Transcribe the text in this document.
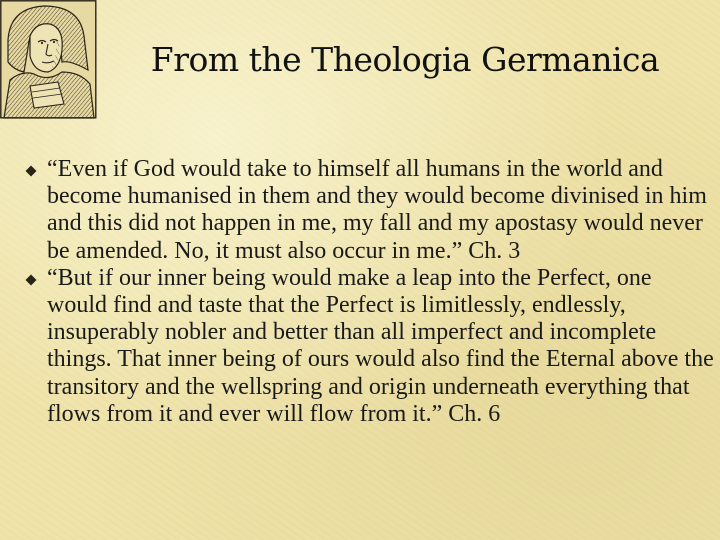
From the Theologia Germanica
“Even if God would take to himself all humans in the world and become humanised in them and they would become divinised in him and this did not happen in me, my fall and my apostasy would never be amended. No, it must also occur in me.” Ch. 3
“But if our inner being would make a leap into the Perfect, one would find and taste that the Perfect is limitlessly, endlessly, insuperably nobler and better than all imperfect and incomplete things. That inner being of ours would also find the Eternal above the transitory and the wellspring and origin underneath everything that flows from it and ever will flow from it.” Ch. 6
